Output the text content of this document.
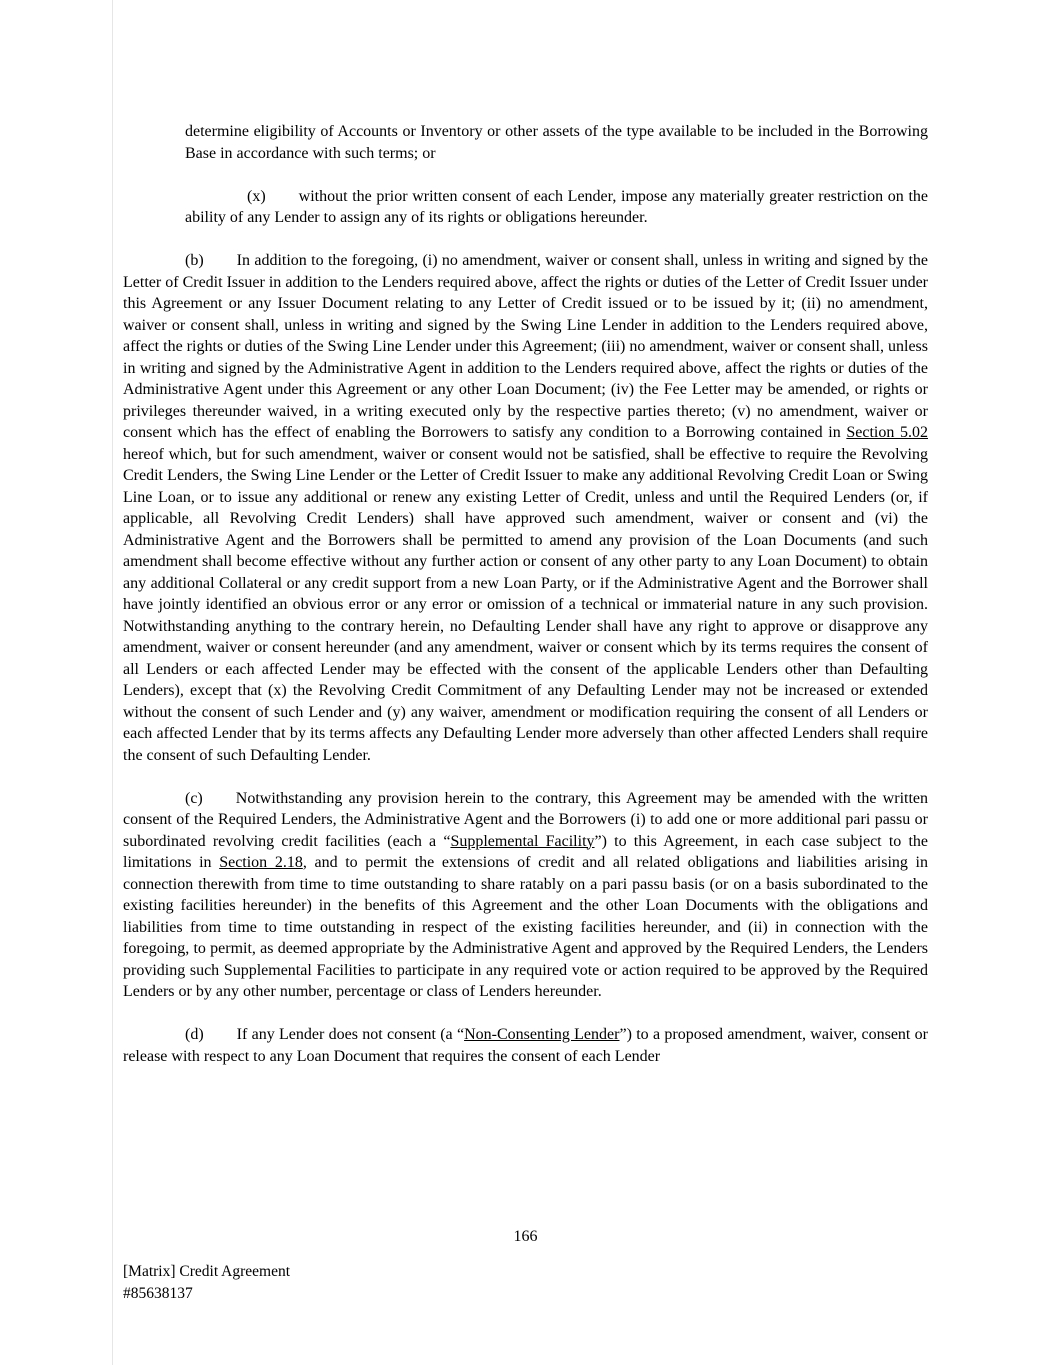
determine eligibility of Accounts or Inventory or other assets of the type available to be included in the Borrowing Base in accordance with such terms; or

(x) without the prior written consent of each Lender, impose any materially greater restriction on the ability of any Lender to assign any of its rights or obligations hereunder.

(b) In addition to the foregoing, (i) no amendment, waiver or consent shall, unless in writing and signed by the Letter of Credit Issuer in addition to the Lenders required above, affect the rights or duties of the Letter of Credit Issuer under this Agreement or any Issuer Document relating to any Letter of Credit issued or to be issued by it; (ii) no amendment, waiver or consent shall, unless in writing and signed by the Swing Line Lender in addition to the Lenders required above, affect the rights or duties of the Swing Line Lender under this Agreement; (iii) no amendment, waiver or consent shall, unless in writing and signed by the Administrative Agent in addition to the Lenders required above, affect the rights or duties of the Administrative Agent under this Agreement or any other Loan Document; (iv) the Fee Letter may be amended, or rights or privileges thereunder waived, in a writing executed only by the respective parties thereto; (v) no amendment, waiver or consent which has the effect of enabling the Borrowers to satisfy any condition to a Borrowing contained in Section 5.02 hereof which, but for such amendment, waiver or consent would not be satisfied, shall be effective to require the Revolving Credit Lenders, the Swing Line Lender or the Letter of Credit Issuer to make any additional Revolving Credit Loan or Swing Line Loan, or to issue any additional or renew any existing Letter of Credit, unless and until the Required Lenders (or, if applicable, all Revolving Credit Lenders) shall have approved such amendment, waiver or consent and (vi) the Administrative Agent and the Borrowers shall be permitted to amend any provision of the Loan Documents (and such amendment shall become effective without any further action or consent of any other party to any Loan Document) to obtain any additional Collateral or any credit support from a new Loan Party, or if the Administrative Agent and the Borrower shall have jointly identified an obvious error or any error or omission of a technical or immaterial nature in any such provision. Notwithstanding anything to the contrary herein, no Defaulting Lender shall have any right to approve or disapprove any amendment, waiver or consent hereunder (and any amendment, waiver or consent which by its terms requires the consent of all Lenders or each affected Lender may be effected with the consent of the applicable Lenders other than Defaulting Lenders), except that (x) the Revolving Credit Commitment of any Defaulting Lender may not be increased or extended without the consent of such Lender and (y) any waiver, amendment or modification requiring the consent of all Lenders or each affected Lender that by its terms affects any Defaulting Lender more adversely than other affected Lenders shall require the consent of such Defaulting Lender.

(c) Notwithstanding any provision herein to the contrary, this Agreement may be amended with the written consent of the Required Lenders, the Administrative Agent and the Borrowers (i) to add one or more additional pari passu or subordinated revolving credit facilities (each a “Supplemental Facility”) to this Agreement, in each case subject to the limitations in Section 2.18, and to permit the extensions of credit and all related obligations and liabilities arising in connection therewith from time to time outstanding to share ratably on a pari passu basis (or on a basis subordinated to the existing facilities hereunder) in the benefits of this Agreement and the other Loan Documents with the obligations and liabilities from time to time outstanding in respect of the existing facilities hereunder, and (ii) in connection with the foregoing, to permit, as deemed appropriate by the Administrative Agent and approved by the Required Lenders, the Lenders providing such Supplemental Facilities to participate in any required vote or action required to be approved by the Required Lenders or by any other number, percentage or class of Lenders hereunder.

(d) If any Lender does not consent (a “Non-Consenting Lender”) to a proposed amendment, waiver, consent or release with respect to any Loan Document that requires the consent of each Lender

166
[Matrix] Credit Agreement
#85638137
